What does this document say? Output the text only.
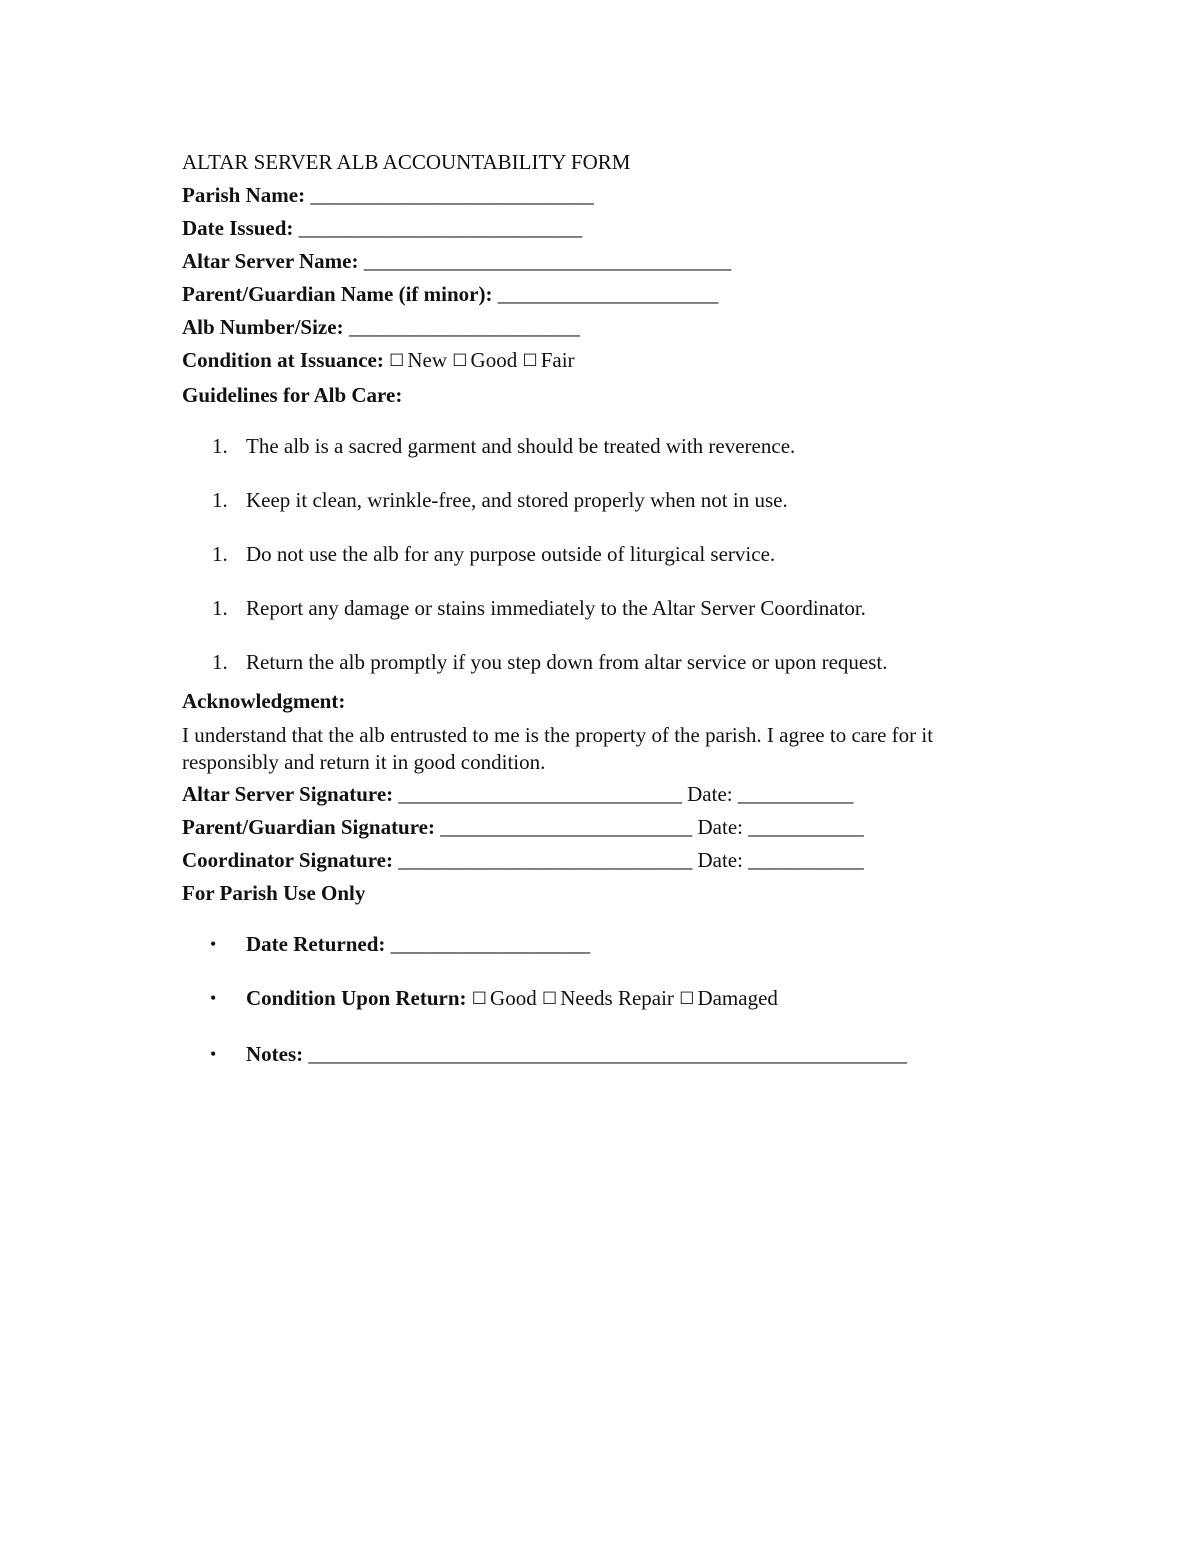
ALTAR SERVER ALB ACCOUNTABILITY FORM
Parish Name: ___________________________
Date Issued: ___________________________
Altar Server Name: ___________________________________
Parent/Guardian Name (if minor): _____________________
Alb Number/Size: ______________________
Condition at Issuance: ☐ New ☐ Good ☐ Fair
Guidelines for Alb Care:
1. The alb is a sacred garment and should be treated with reverence.
1. Keep it clean, wrinkle-free, and stored properly when not in use.
1. Do not use the alb for any purpose outside of liturgical service.
1. Report any damage or stains immediately to the Altar Server Coordinator.
1. Return the alb promptly if you step down from altar service or upon request.
Acknowledgment:
I understand that the alb entrusted to me is the property of the parish. I agree to care for it responsibly and return it in good condition.
Altar Server Signature: ___________________________ Date: ___________
Parent/Guardian Signature: ________________________ Date: ___________
Coordinator Signature: ____________________________ Date: ___________
For Parish Use Only
• Date Returned: ___________________
• Condition Upon Return: ☐ Good ☐ Needs Repair ☐ Damaged
• Notes: _________________________________________________________
